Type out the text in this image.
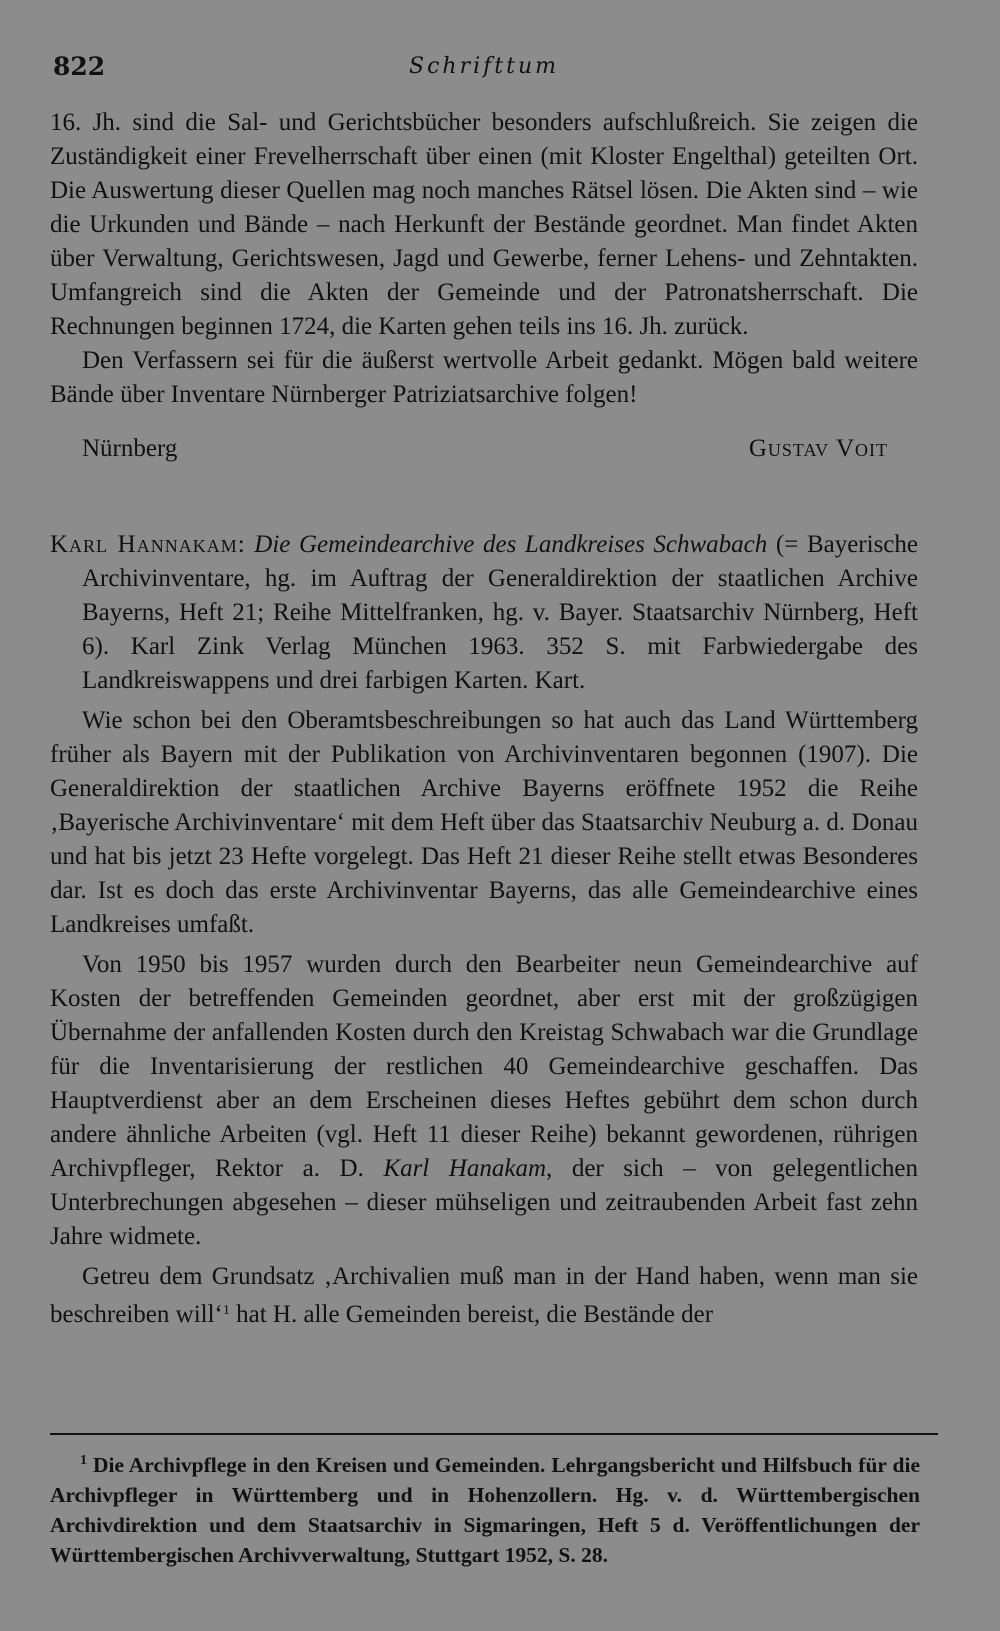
822	Schrifttum

16. Jh. sind die Sal- und Gerichtsbücher besonders aufschlußreich. Sie zeigen die Zuständigkeit einer Frevelherrschaft über einen (mit Kloster Engelthal) geteilten Ort. Die Auswertung dieser Quellen mag noch manches Rätsel lösen. Die Akten sind – wie die Urkunden und Bände – nach Herkunft der Bestände geordnet. Man findet Akten über Verwaltung, Gerichtswesen, Jagd und Gewerbe, ferner Lehens- und Zehntakten. Umfangreich sind die Akten der Gemeinde und der Patronatsherrschaft. Die Rechnungen beginnen 1724, die Karten gehen teils ins 16. Jh. zurück.

Den Verfassern sei für die äußerst wertvolle Arbeit gedankt. Mögen bald weitere Bände über Inventare Nürnberger Patriziatsarchive folgen!

Nürnberg	Gustav Voit

Karl Hannakam: Die Gemeindearchive des Landkreises Schwabach (= Bayerische Archivinventare, hg. im Auftrag der Generaldirektion der staatlichen Archive Bayerns, Heft 21; Reihe Mittelfranken, hg. v. Bayer. Staatsarchiv Nürnberg, Heft 6). Karl Zink Verlag München 1963. 352 S. mit Farbwiedergabe des Landkreiswappens und drei farbigen Karten. Kart.

Wie schon bei den Oberamtsbeschreibungen so hat auch das Land Württemberg früher als Bayern mit der Publikation von Archivinventaren begonnen (1907). Die Generaldirektion der staatlichen Archive Bayerns eröffnete 1952 die Reihe ‚Bayerische Archivinventare‘ mit dem Heft über das Staatsarchiv Neuburg a. d. Donau und hat bis jetzt 23 Hefte vorgelegt. Das Heft 21 dieser Reihe stellt etwas Besonderes dar. Ist es doch das erste Archivinventar Bayerns, das alle Gemeindearchive eines Landkreises umfaßt.

Von 1950 bis 1957 wurden durch den Bearbeiter neun Gemeindearchive auf Kosten der betreffenden Gemeinden geordnet, aber erst mit der großzügigen Übernahme der anfallenden Kosten durch den Kreistag Schwabach war die Grundlage für die Inventarisierung der restlichen 40 Gemeindearchive geschaffen. Das Hauptverdienst aber an dem Erscheinen dieses Heftes gebührt dem schon durch andere ähnliche Arbeiten (vgl. Heft 11 dieser Reihe) bekannt gewordenen, rührigen Archivpfleger, Rektor a. D. Karl Hanakam, der sich – von gelegentlichen Unterbrechungen abgesehen – dieser mühseligen und zeitraubenden Arbeit fast zehn Jahre widmete.

Getreu dem Grundsatz ‚Archivalien muß man in der Hand haben, wenn man sie beschreiben will‘$^1$ hat H. alle Gemeinden bereist, die Bestände der

$^1$ Die Archivpflege in den Kreisen und Gemeinden. Lehrgangsbericht und Hilfsbuch für die Archivpfleger in Württemberg und in Hohenzollern. Hg. v. d. Württembergischen Archivdirektion und dem Staatsarchiv in Sigmaringen, Heft 5 d. Veröffentlichungen der Württembergischen Archivverwaltung, Stuttgart 1952, S. 28.
